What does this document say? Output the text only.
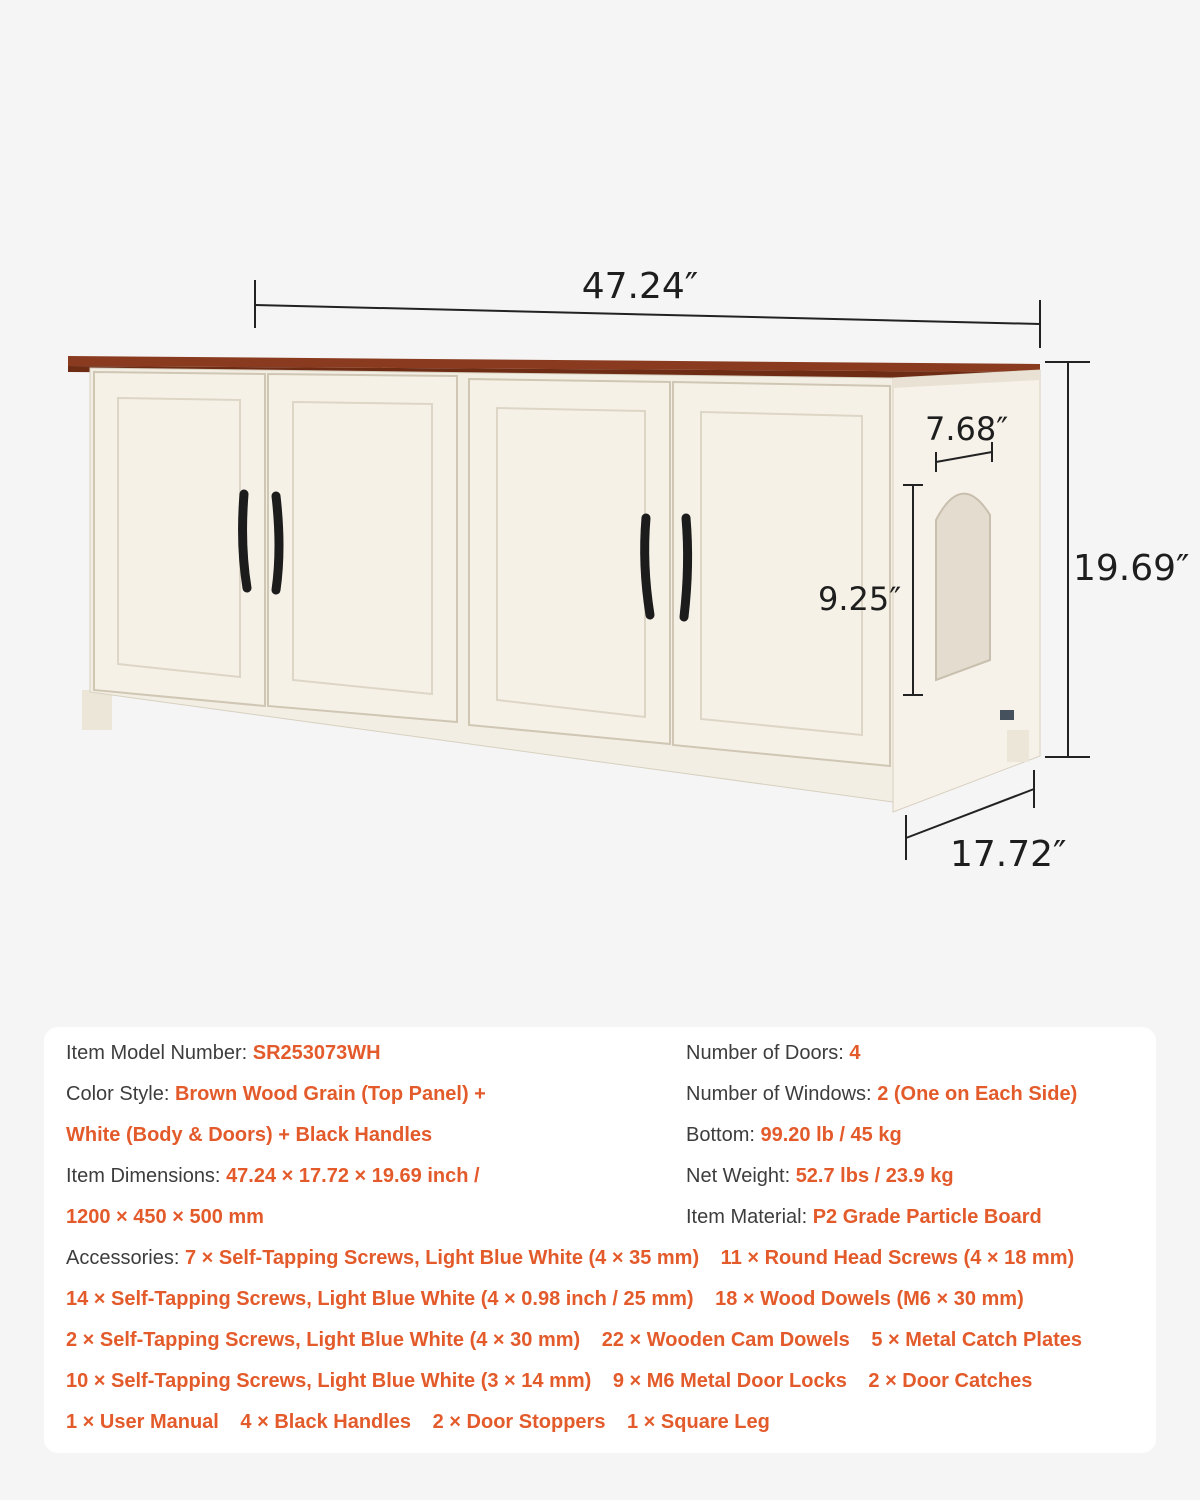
47.24″
19.69″
17.72″
7.68″
9.25″
Item Model Number: SR253073WH	Number of Doors: 4
Color Style: Brown Wood Grain (Top Panel) +	Number of Windows: 2 (One on Each Side)
White (Body & Doors) + Black Handles	Bottom: 99.20 lb / 45 kg
Item Dimensions: 47.24 × 17.72 × 19.69 inch /	Net Weight: 52.7 lbs / 23.9 kg
1200 × 450 × 500 mm	Item Material: P2 Grade Particle Board
Accessories: 7 × Self-Tapping Screws, Light Blue White (4 × 35 mm) 11 × Round Head Screws (4 × 18 mm)
14 × Self-Tapping Screws, Light Blue White (4 × 0.98 inch / 25 mm) 18 × Wood Dowels (M6 × 30 mm)
2 × Self-Tapping Screws, Light Blue White (4 × 30 mm) 22 × Wooden Cam Dowels 5 × Metal Catch Plates
10 × Self-Tapping Screws, Light Blue White (3 × 14 mm) 9 × M6 Metal Door Locks 2 × Door Catches
1 × User Manual 4 × Black Handles 2 × Door Stoppers 1 × Square Leg
